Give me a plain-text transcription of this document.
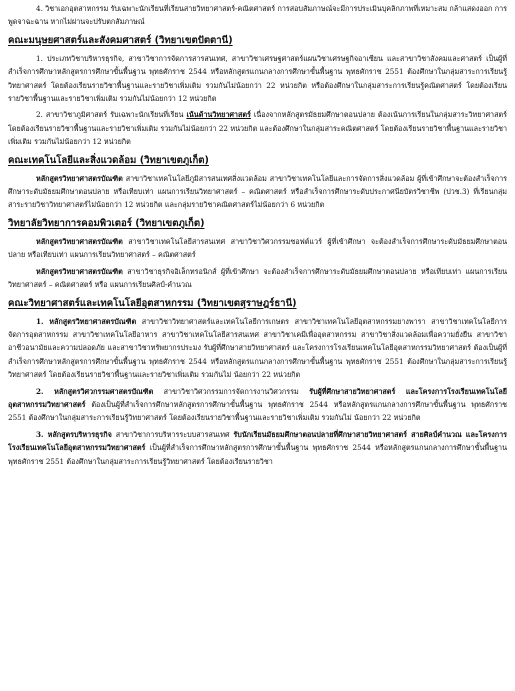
4. วิชาเอกอุตสาหกรรม รับเฉพาะนักเรียนที่เรียนสายวิทยาศาสตร์-คณิตศาสตร์ การสอบสัมภาษณ์จะมีการประเมินบุคลิกภาพที่เหมาะสม กล้าแสดงออก การพูดจาฉะฉาน หากไม่ผ่านจะปรับตกสัมภาษณ์

คณะมนุษยศาสตร์และสังคมศาสตร์ (วิทยาเขตปัตตานี)

1. ประเภทวิชาบริหารธุรกิจ, สาขาวิชาการจัดการสารสนเทศ, สาขาวิชาเศรษฐศาสตร์แผนวิชาเศรษฐกิจอาเซียน และสาขาวิชาสังคมและศาสตร์ เป็นผู้ที่สำเร็จการศึกษาหลักสูตรการศึกษาขั้นพื้นฐาน พุทธศักราช 2544 หรือหลักสูตรแกนกลางการศึกษาขั้นพื้นฐาน พุทธศักราช 2551 ต้องศึกษาในกลุ่มสาระการเรียนรู้วิทยาศาสตร์ โดยต้องเรียนรายวิชาพื้นฐานและรายวิชาเพิ่มเติม รวมกันไม่น้อยกว่า 22 หน่วยกิต หรือต้องศึกษาในกลุ่มสาระการเรียนรู้คณิตศาสตร์ โดยต้องเรียนรายวิชาพื้นฐานและรายวิชาเพิ่มเติม รวมกันไม่น้อยกว่า 12 หน่วยกิต

2. สาขาวิชาภูมิศาสตร์ รับเฉพาะนักเรียนที่เรียน เน้นด้านวิทยาศาสตร์ เนื่องจากหลักสูตรมัธยมศึกษาตอนปลาย ต้องเน้นการเรียนในกลุ่มสาระวิทยาศาสตร์ โดยต้องเรียนรายวิชาพื้นฐานและรายวิชาเพิ่มเติม รวมกันไม่น้อยกว่า 22 หน่วยกิต และต้องศึกษาในกลุ่มสาระคณิตศาสตร์ โดยต้องเรียนรายวิชาพื้นฐานและรายวิชาเพิ่มเติม รวมกันไม่น้อยกว่า 12 หน่วยกิต

คณะเทคโนโลยีและสิ่งแวดล้อม (วิทยาเขตภูเก็ต)

หลักสูตรวิทยาศาสตรบัณฑิต สาขาวิชาเทคโนโลยีภูมิสารสนเทศสิ่งแวดล้อม สาขาวิชาเทคโนโลยีและการจัดการสิ่งแวดล้อม ผู้ที่เข้าศึกษาจะต้องสำเร็จการศึกษาระดับมัธยมศึกษาตอนปลาย หรือเทียบเท่า แผนการเรียนวิทยาศาสตร์ – คณิตศาสตร์ หรือสำเร็จการศึกษาระดับประกาศนียบัตรวิชาชีพ (ปวช.3) ที่เรียนกลุ่มสาระรายวิชาวิทยาศาสตร์ไม่น้อยกว่า 12 หน่วยกิต และกลุ่มรายวิชาคณิตศาสตร์ไม่น้อยกว่า 6 หน่วยกิต

วิทยาลัยวิทยาการคอมพิวเตอร์ (วิทยาเขตภูเก็ต)

หลักสูตรวิทยาศาสตรบัณฑิต สาขาวิชาเทคโนโลยีสารสนเทศ สาขาวิชาวิศวกรรมซอฟต์แวร์ ผู้ที่เข้าศึกษา จะต้องสำเร็จการศึกษาระดับมัธยมศึกษาตอนปลาย หรือเทียบเท่า แผนการเรียนวิทยาศาสตร์ – คณิตศาสตร์

หลักสูตรวิทยาศาสตรบัณฑิต สาขาวิชาธุรกิจอิเล็กทรอนิกส์ ผู้ที่เข้าศึกษา จะต้องสำเร็จการศึกษาระดับมัธยมศึกษาตอนปลาย หรือเทียบเท่า แผนการเรียนวิทยาศาสตร์ – คณิตศาสตร์ หรือ แผนการเรียนศิลป์-คำนวณ

คณะวิทยาศาสตร์และเทคโนโลยีอุตสาหกรรม (วิทยาเขตสุราษฎร์ธานี)

1. หลักสูตรวิทยาศาสตรบัณฑิต สาขาวิชาวิทยาศาสตร์และเทคโนโลยีการเกษตร สาขาวิชาเทคโนโลยีอุตสาหกรรมยางพารา สาขาวิชาเทคโนโลยีการจัดการอุตสาหกรรม สาขาวิชาเทคโนโลยีอาหาร สาขาวิชาเทคโนโลยีสารสนเทศ สาขาวิชาเคมีเพื่ออุตสาหกรรม สาขาวิชาสิ่งแวดล้อมเพื่อความยั่งยืน สาขาวิชาอาชีวอนามัยและความปลอดภัย และสาขาวิชาทรัพยากรประมง รับผู้ที่ศึกษาสายวิทยาศาสตร์ และโครงการโรงเรียนเทคโนโลยีอุตสาหกรรมวิทยาศาสตร์ ต้องเป็นผู้ที่สำเร็จการศึกษาหลักสูตรการศึกษาขั้นพื้นฐาน พุทธศักราช 2544 หรือหลักสูตรแกนกลางการศึกษาขั้นพื้นฐาน พุทธศักราช 2551 ต้องศึกษาในกลุ่มสาระการเรียนรู้วิทยาศาสตร์ โดยต้องเรียนรายวิชาพื้นฐานและรายวิชาเพิ่มเติม รวมกันไม่ น้อยกว่า 22 หน่วยกิต

2. หลักสูตรวิศวกรรมศาสตรบัณฑิต สาขาวิชาวิศวกรรมการจัดการงานวิศวกรรม รับผู้ที่ศึกษาสายวิทยาศาสตร์ และโครงการโรงเรียนเทคโนโลยีอุตสาหกรรมวิทยาศาสตร์ ต้องเป็นผู้ที่สำเร็จการศึกษาหลักสูตรการศึกษาขั้นพื้นฐาน พุทธศักราช 2544 หรือหลักสูตรแกนกลางการศึกษาขั้นพื้นฐาน พุทธศักราช 2551 ต้องศึกษาในกลุ่มสาระการเรียนรู้วิทยาศาสตร์ โดยต้องเรียนรายวิชาพื้นฐานและรายวิชาเพิ่มเติม รวมกันไม่ น้อยกว่า 22 หน่วยกิต

3. หลักสูตรบริหารธุรกิจ สาขาวิชาการบริหารระบบสารสนเทศ รับนักเรียนมัธยมศึกษาตอนปลายที่ศึกษาสายวิทยาศาสตร์ สายศิลป์คำนวณ และโครงการโรงเรียนเทคโนโลยีอุตสาหกรรมวิทยาศาสตร์ เป็นผู้ที่สำเร็จการศึกษาหลักสูตรการศึกษาขั้นพื้นฐาน พุทธศักราช 2544 หรือหลักสูตรแกนกลางการศึกษาขั้นพื้นฐาน พุทธศักราช 2551 ต้องศึกษาในกลุ่มสาระการเรียนรู้วิทยาศาสตร์ โดยต้องเรียนรายวิชา
